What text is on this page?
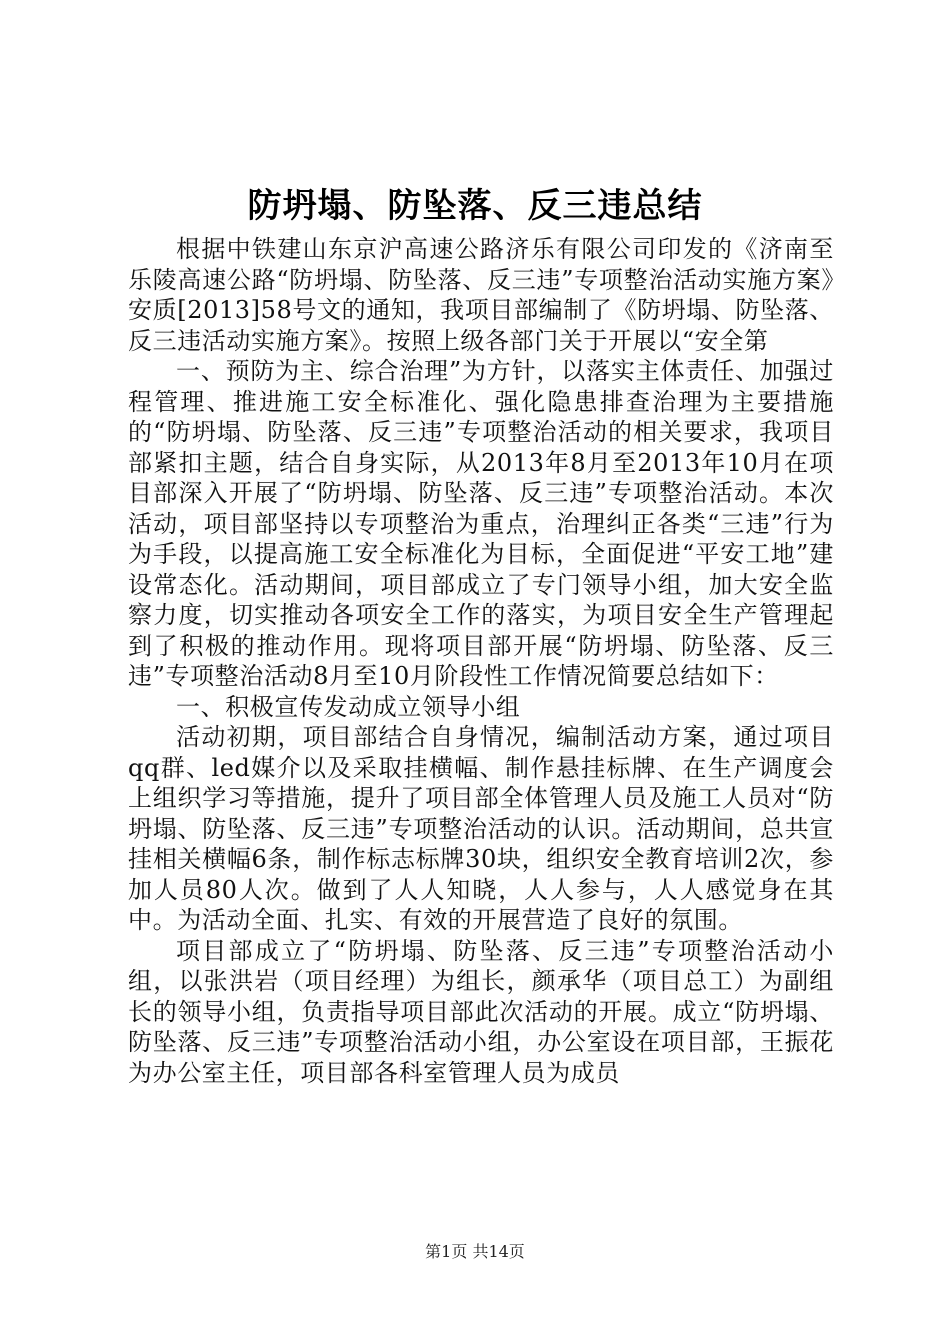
防坍塌、防坠落、反三违总结

根据中铁建山东京沪高速公路济乐有限公司印发的《济南至乐陵高速公路“防坍塌、防坠落、反三违”专项整治活动实施方案》安质[2013]58号文的通知，我项目部编制了《防坍塌、防坠落、反三违活动实施方案》。按照上级各部门关于开展以“安全第

一、预防为主、综合治理”为方针，以落实主体责任、加强过程管理、推进施工安全标准化、强化隐患排查治理为主要措施的“防坍塌、防坠落、反三违”专项整治活动的相关要求，我项目部紧扣主题，结合自身实际，从2013年8月至2013年10月在项目部深入开展了“防坍塌、防坠落、反三违”专项整治活动。本次活动，项目部坚持以专项整治为重点，治理纠正各类“三违”行为为手段，以提高施工安全标准化为目标，全面促进“平安工地”建设常态化。活动期间，项目部成立了专门领导小组，加大安全监察力度，切实推动各项安全工作的落实，为项目安全生产管理起到了积极的推动作用。现将项目部开展“防坍塌、防坠落、反三违”专项整治活动8月至10月阶段性工作情况简要总结如下：

一、积极宣传发动成立领导小组

活动初期，项目部结合自身情况，编制活动方案，通过项目qq群、led媒介以及采取挂横幅、制作悬挂标牌、在生产调度会上组织学习等措施，提升了项目部全体管理人员及施工人员对“防坍塌、防坠落、反三违”专项整治活动的认识。活动期间，总共宣挂相关横幅6条，制作标志标牌30块，组织安全教育培训2次，参加人员80人次。做到了人人知晓，人人参与，人人感觉身在其中。为活动全面、扎实、有效的开展营造了良好的氛围。

项目部成立了“防坍塌、防坠落、反三违”专项整治活动小组，以张洪岩（项目经理）为组长，颜承华（项目总工）为副组长的领导小组，负责指导项目部此次活动的开展。成立“防坍塌、防坠落、反三违”专项整治活动小组，办公室设在项目部，王振花为办公室主任，项目部各科室管理人员为成员

第1页 共14页
